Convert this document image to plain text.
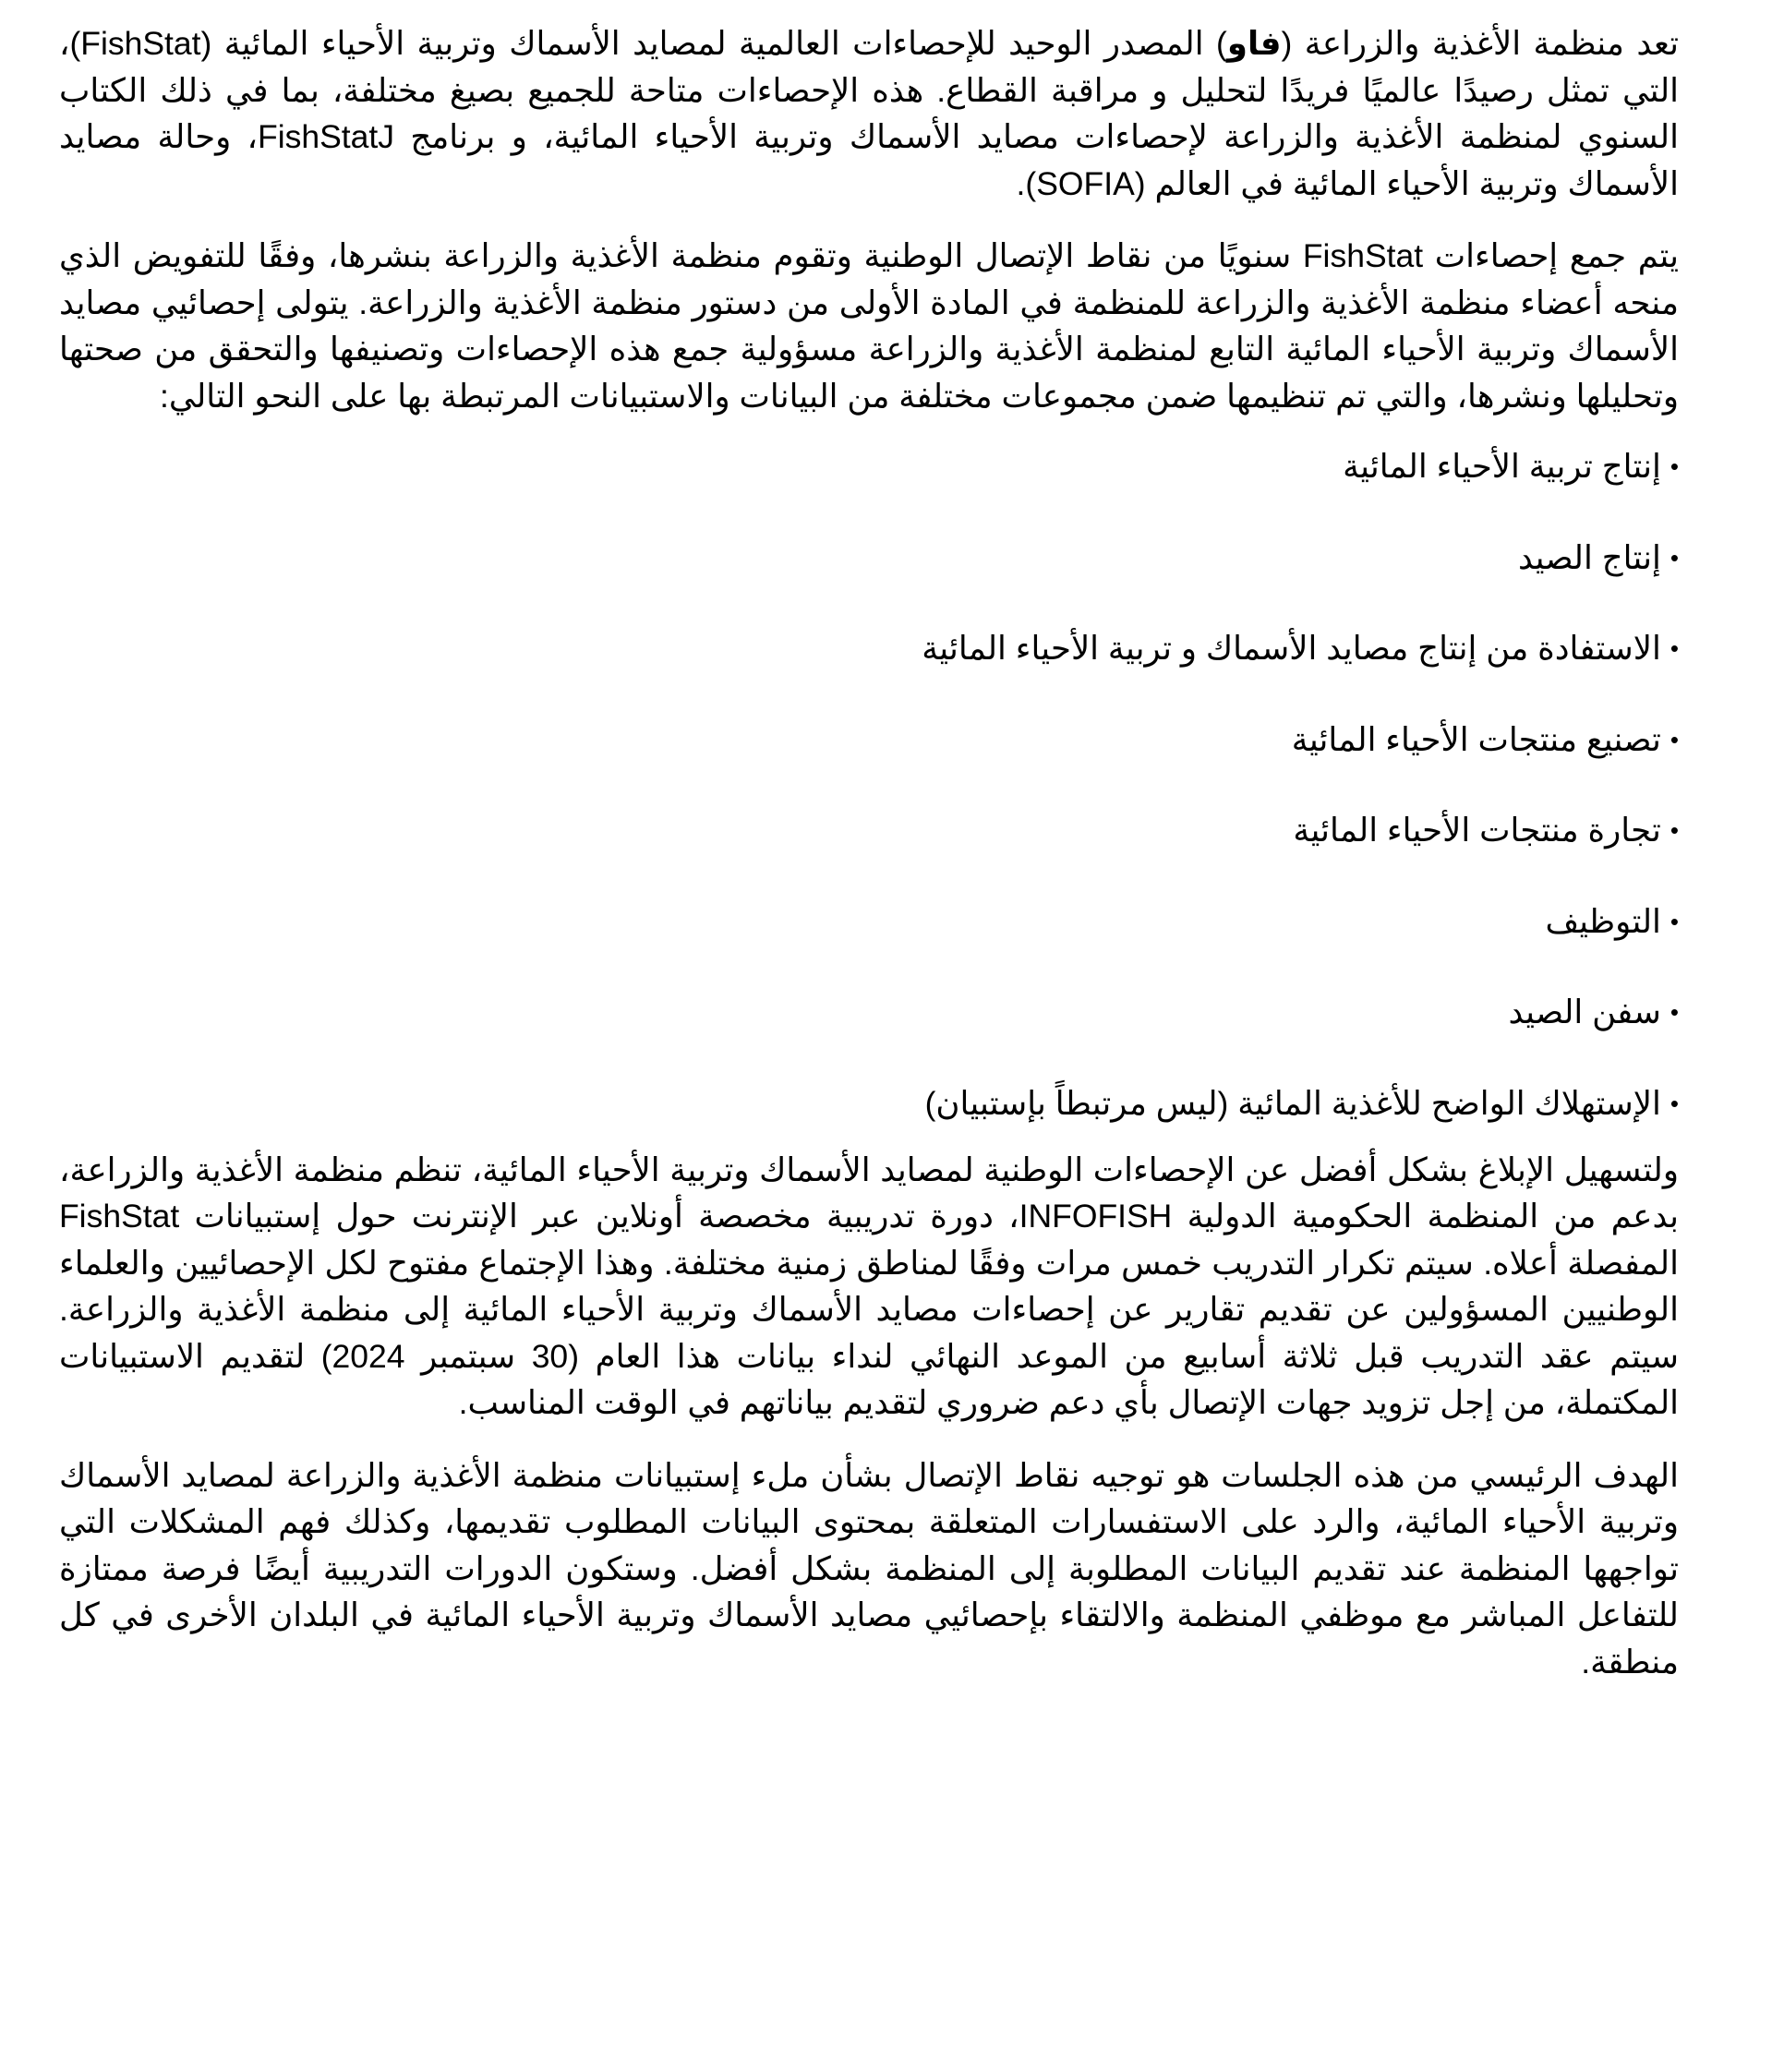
تعد منظمة الأغذية والزراعة (فاو) المصدر الوحيد للإحصاءات العالمية لمصايد الأسماك وتربية الأحياء المائية (FishStat)، التي تمثل رصيدًا عالميًا فريدًا لتحليل و مراقبة القطاع. هذه الإحصاءات متاحة للجميع بصيغ مختلفة، بما في ذلك الكتاب السنوي لمنظمة الأغذية والزراعة لإحصاءات مصايد الأسماك وتربية الأحياء المائية، و برنامج FishStatJ، وحالة مصايد الأسماك وتربية الأحياء المائية في العالم (SOFIA).

يتم جمع إحصاءات FishStat سنويًا من نقاط الإتصال الوطنية وتقوم منظمة الأغذية والزراعة بنشرها، وفقًا للتفويض الذي منحه أعضاء منظمة الأغذية والزراعة للمنظمة في المادة الأولى من دستور منظمة الأغذية والزراعة. يتولى إحصائيي مصايد الأسماك وتربية الأحياء المائية التابع لمنظمة الأغذية والزراعة مسؤولية جمع هذه الإحصاءات وتصنيفها والتحقق من صحتها وتحليلها ونشرها، والتي تم تنظيمها ضمن مجموعات مختلفة من البيانات والاستبيانات المرتبطة بها على النحو التالي:

•
إنتاج تربية الأحياء المائية
•
إنتاج الصيد
•
الاستفادة من إنتاج مصايد الأسماك و تربية الأحياء المائية
•
تصنيع منتجات الأحياء المائية
•
تجارة منتجات الأحياء المائية
•
التوظيف
•
سفن الصيد
•
الإستهلاك الواضح للأغذية المائية (ليس مرتبطاً بإستبيان)

ولتسهيل الإبلاغ بشكل أفضل عن الإحصاءات الوطنية لمصايد الأسماك وتربية الأحياء المائية، تنظم منظمة الأغذية والزراعة، بدعم من المنظمة الحكومية الدولية INFOFISH، دورة تدريبية مخصصة أونلاين عبر الإنترنت حول إستبيانات FishStat المفصلة أعلاه. سيتم تكرار التدريب خمس مرات وفقًا لمناطق زمنية مختلفة. وهذا الإجتماع مفتوح لكل الإحصائيين والعلماء الوطنيين المسؤولين عن تقديم تقارير عن إحصاءات مصايد الأسماك وتربية الأحياء المائية إلى منظمة الأغذية والزراعة. سيتم عقد التدريب قبل ثلاثة أسابيع من الموعد النهائي لنداء بيانات هذا العام (30 سبتمبر 2024) لتقديم الاستبيانات المكتملة، من إجل تزويد جهات الإتصال بأي دعم ضروري لتقديم بياناتهم في الوقت المناسب.

الهدف الرئيسي من هذه الجلسات هو توجيه نقاط الإتصال بشأن ملء إستبيانات منظمة الأغذية والزراعة لمصايد الأسماك وتربية الأحياء المائية، والرد على الاستفسارات المتعلقة بمحتوى البيانات المطلوب تقديمها، وكذلك فهم المشكلات التي تواجهها المنظمة عند تقديم البيانات المطلوبة إلى المنظمة بشكل أفضل. وستكون الدورات التدريبية أيضًا فرصة ممتازة للتفاعل المباشر مع موظفي المنظمة والالتقاء بإحصائيي مصايد الأسماك وتربية الأحياء المائية في البلدان الأخرى في كل منطقة.
